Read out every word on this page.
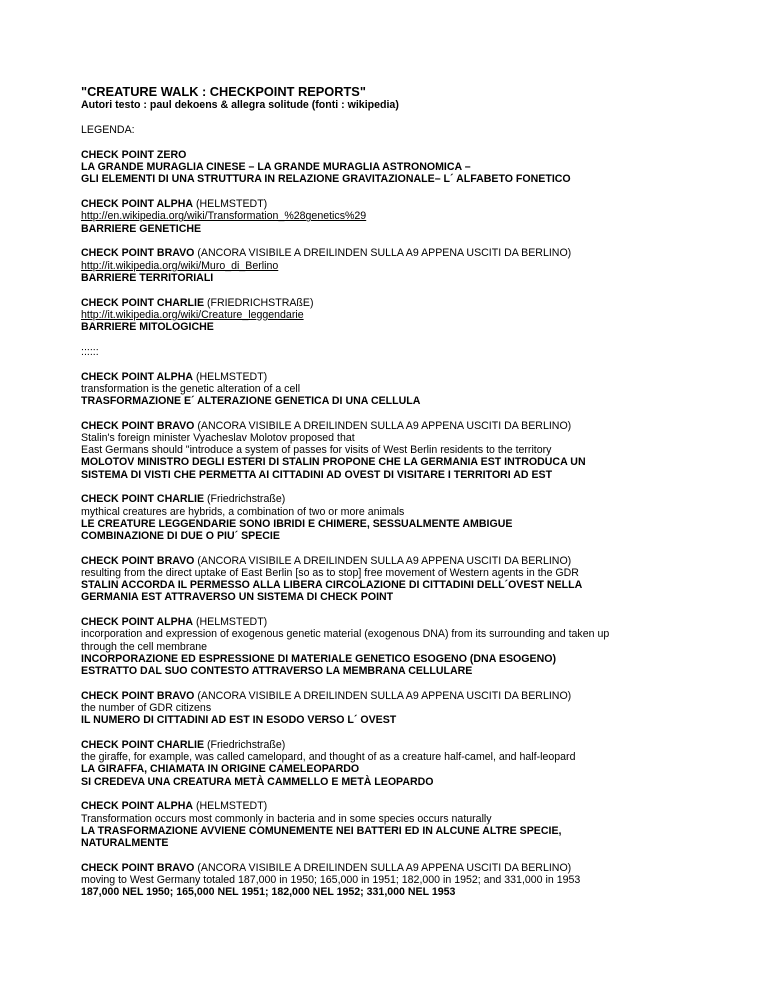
"CREATURE WALK : CHECKPOINT REPORTS"
Autori testo : paul dekoens & allegra solitude (fonti : wikipedia)

LEGENDA:

CHECK POINT ZERO

LA GRANDE MURAGLIA CINESE – LA GRANDE MURAGLIA ASTRONOMICA –

GLI ELEMENTI DI UNA STRUTTURA IN RELAZIONE GRAVITAZIONALE– L´ ALFABETO FONETICO

CHECK POINT ALPHA (HELMSTEDT)

http://en.wikipedia.org/wiki/Transformation_%28genetics%29

BARRIERE GENETICHE

CHECK POINT BRAVO (ANCORA VISIBILE A DREILINDEN SULLA A9 APPENA USCITI DA BERLINO)

http://it.wikipedia.org/wiki/Muro_di_Berlino

BARRIERE TERRITORIALI

CHECK POINT CHARLIE (FRIEDRICHSTRAßE)

http://it.wikipedia.org/wiki/Creature_leggendarie

BARRIERE MITOLOGICHE

::::::

CHECK POINT ALPHA (HELMSTEDT)

transformation is the genetic alteration of a cell

TRASFORMAZIONE E´ ALTERAZIONE GENETICA DI UNA CELLULA

CHECK POINT BRAVO (ANCORA VISIBILE A DREILINDEN SULLA A9 APPENA USCITI DA BERLINO)

Stalin's foreign minister Vyacheslav Molotov proposed that

East Germans should "introduce a system of passes for visits of West Berlin residents to the territory

MOLOTOV MINISTRO DEGLI ESTERI DI STALIN PROPONE CHE LA GERMANIA EST INTRODUCA UN

SISTEMA DI VISTI CHE PERMETTA AI CITTADINI AD OVEST DI VISITARE I TERRITORI AD EST

CHECK POINT CHARLIE (Friedrichstraße)

mythical creatures are hybrids, a combination of two or more animals

LE CREATURE LEGGENDARIE SONO IBRIDI E CHIMERE, SESSUALMENTE AMBIGUE

COMBINAZIONE DI DUE O PIU´ SPECIE

CHECK POINT BRAVO (ANCORA VISIBILE A DREILINDEN SULLA A9 APPENA USCITI DA BERLINO)

resulting from the direct uptake of East Berlin [so as to stop] free movement of Western agents in the GDR

STALIN ACCORDA IL PERMESSO ALLA LIBERA CIRCOLAZIONE DI CITTADINI DELL´OVEST NELLA

GERMANIA EST ATTRAVERSO UN SISTEMA DI CHECK POINT

CHECK POINT ALPHA (HELMSTEDT)

incorporation and expression of exogenous genetic material (exogenous DNA) from its surrounding and taken up

through the cell membrane

INCORPORAZIONE ED ESPRESSIONE DI MATERIALE GENETICO ESOGENO (DNA ESOGENO)

ESTRATTO DAL SUO CONTESTO ATTRAVERSO LA MEMBRANA CELLULARE

CHECK POINT BRAVO (ANCORA VISIBILE A DREILINDEN SULLA A9 APPENA USCITI DA BERLINO)

the number of GDR citizens

IL NUMERO DI CITTADINI AD EST IN ESODO VERSO L´ OVEST

CHECK POINT CHARLIE (Friedrichstraße)

the giraffe, for example, was called camelopard, and thought of as a creature half-camel, and half-leopard

LA GIRAFFA, CHIAMATA IN ORIGINE CAMELEOPARDO

SI CREDEVA UNA CREATURA METÀ CAMMELLO E METÀ LEOPARDO

CHECK POINT ALPHA (HELMSTEDT)

Transformation occurs most commonly in bacteria and in some species occurs naturally

LA TRASFORMAZIONE AVVIENE COMUNEMENTE NEI BATTERI ED IN ALCUNE ALTRE SPECIE,

NATURALMENTE

CHECK POINT BRAVO (ANCORA VISIBILE A DREILINDEN SULLA A9 APPENA USCITI DA BERLINO)

moving to West Germany totaled 187,000 in 1950; 165,000 in 1951; 182,000 in 1952; and 331,000 in 1953

187,000 NEL 1950; 165,000 NEL 1951; 182,000 NEL 1952; 331,000 NEL 1953
